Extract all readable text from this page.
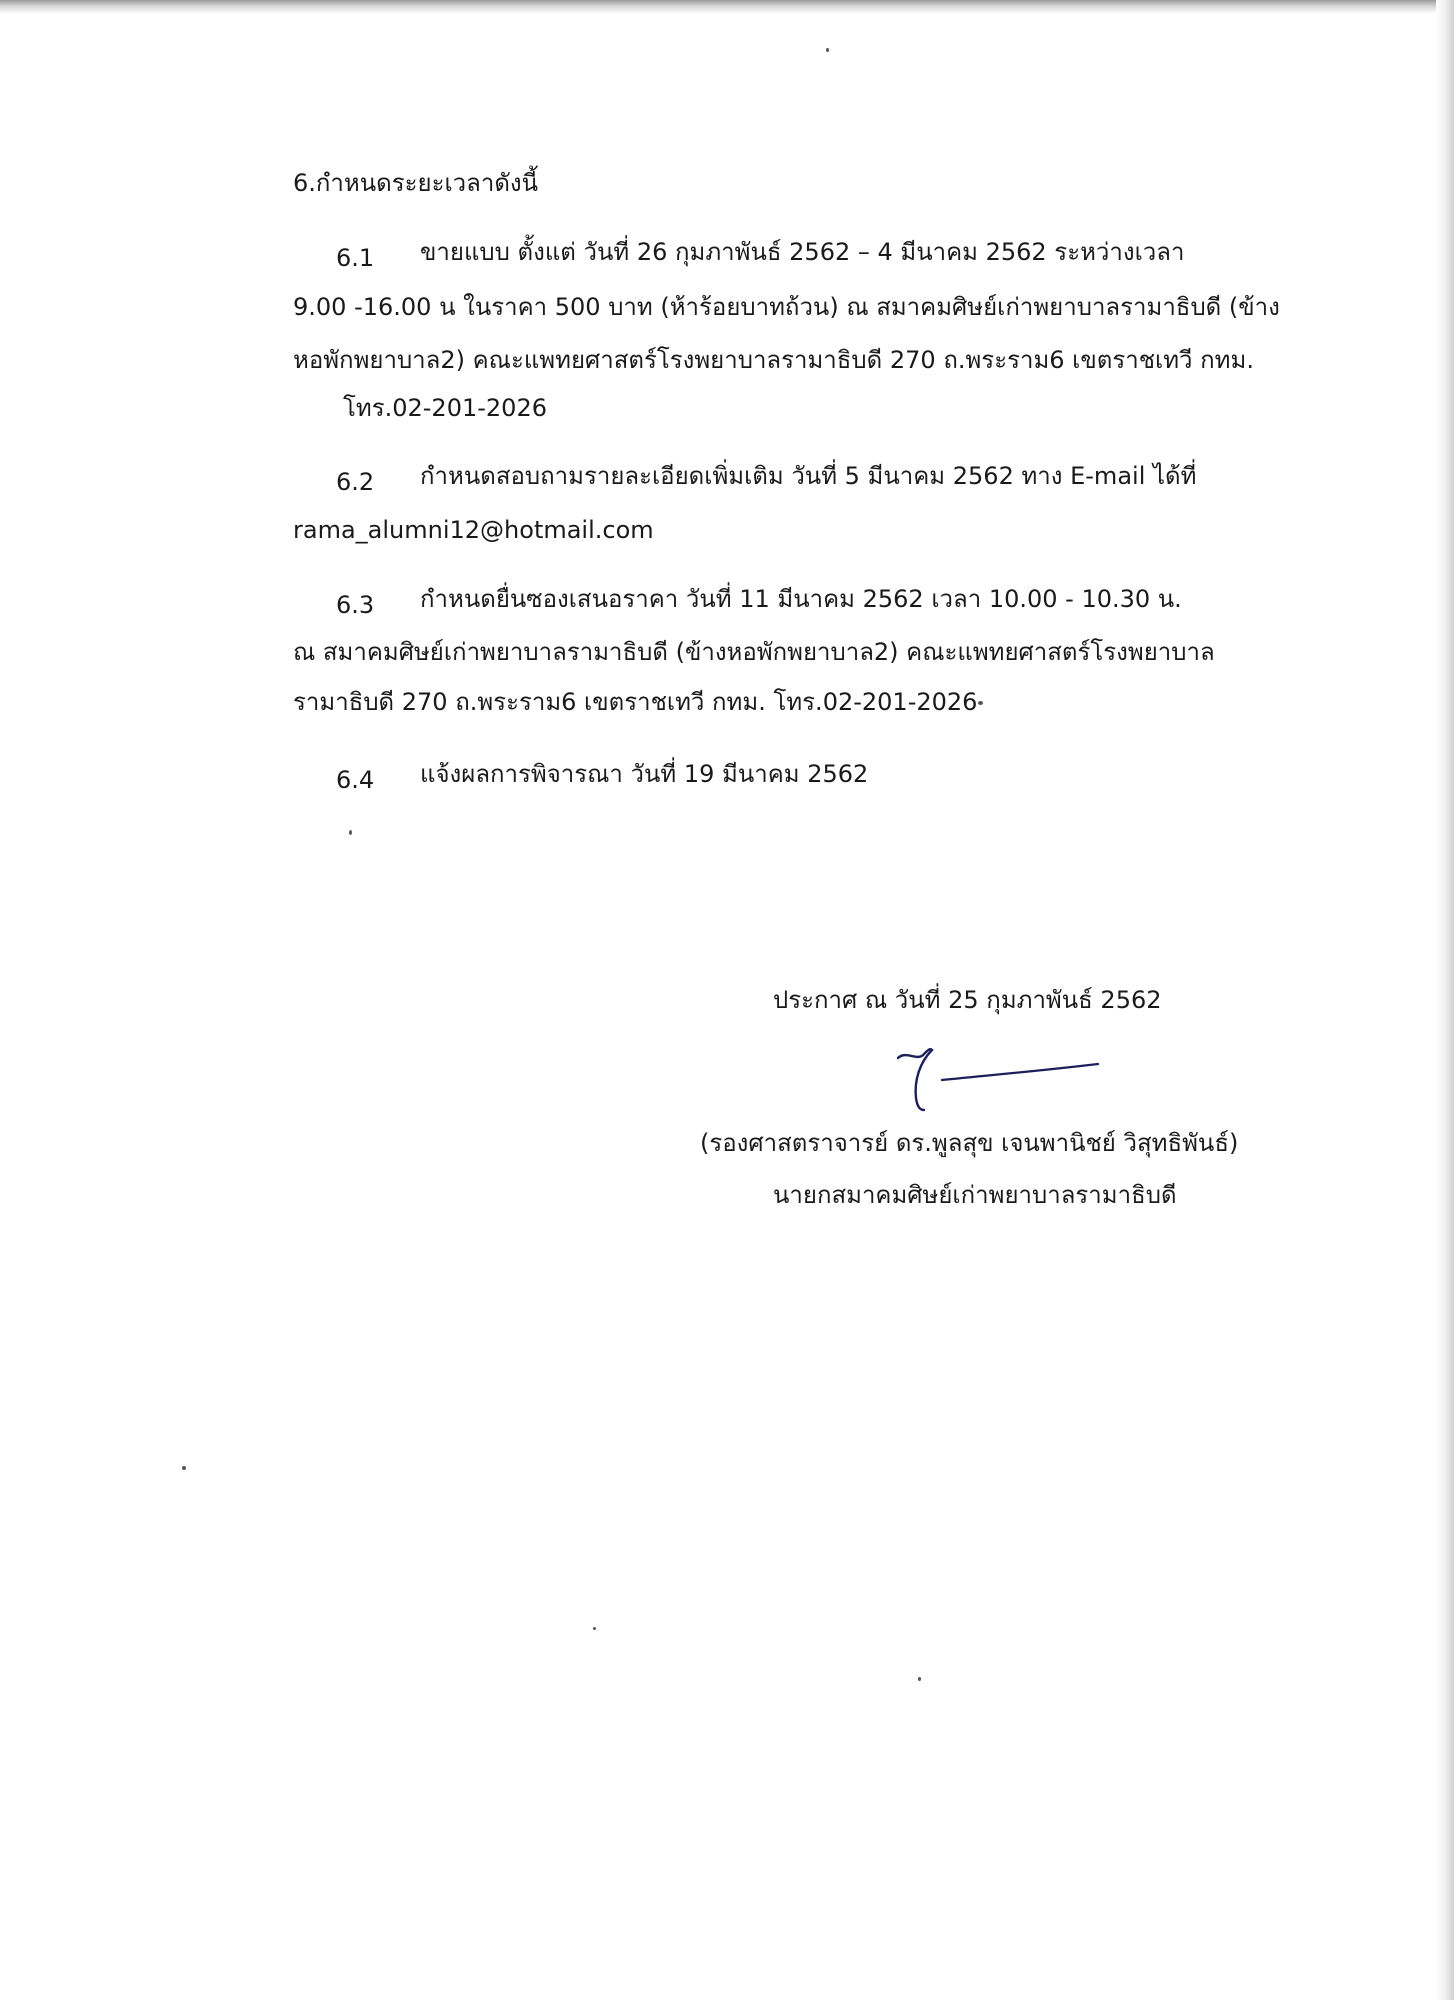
6.กำหนดระยะเวลาดังนี้

6.1 ขายแบบ ตั้งแต่ วันที่ 26 กุมภาพันธ์ 2562 – 4 มีนาคม 2562 ระหว่างเวลา

9.00 -16.00 น ในราคา 500 บาท (ห้าร้อยบาทถ้วน) ณ สมาคมศิษย์เก่าพยาบาลรามาธิบดี (ข้าง

หอพักพยาบาล2) คณะแพทยศาสตร์โรงพยาบาลรามาธิบดี 270 ถ.พระราม6 เขตราชเทวี กทม.

โทร.02-201-2026

6.2 กำหนดสอบถามรายละเอียดเพิ่มเติม วันที่ 5 มีนาคม 2562 ทาง E-mail ได้ที่

rama_alumni12@hotmail.com

6.3 กำหนดยื่นซองเสนอราคา วันที่ 11 มีนาคม 2562 เวลา 10.00 - 10.30 น.

ณ สมาคมศิษย์เก่าพยาบาลรามาธิบดี (ข้างหอพักพยาบาล2) คณะแพทยศาสตร์โรงพยาบาล

รามาธิบดี 270 ถ.พระราม6 เขตราชเทวี กทม. โทร.02-201-2026

6.4 แจ้งผลการพิจารณา วันที่ 19 มีนาคม 2562

ประกาศ ณ วันที่ 25 กุมภาพันธ์ 2562

(รองศาสตราจารย์ ดร.พูลสุข เจนพานิชย์ วิสุทธิพันธ์)

นายกสมาคมศิษย์เก่าพยาบาลรามาธิบดี
